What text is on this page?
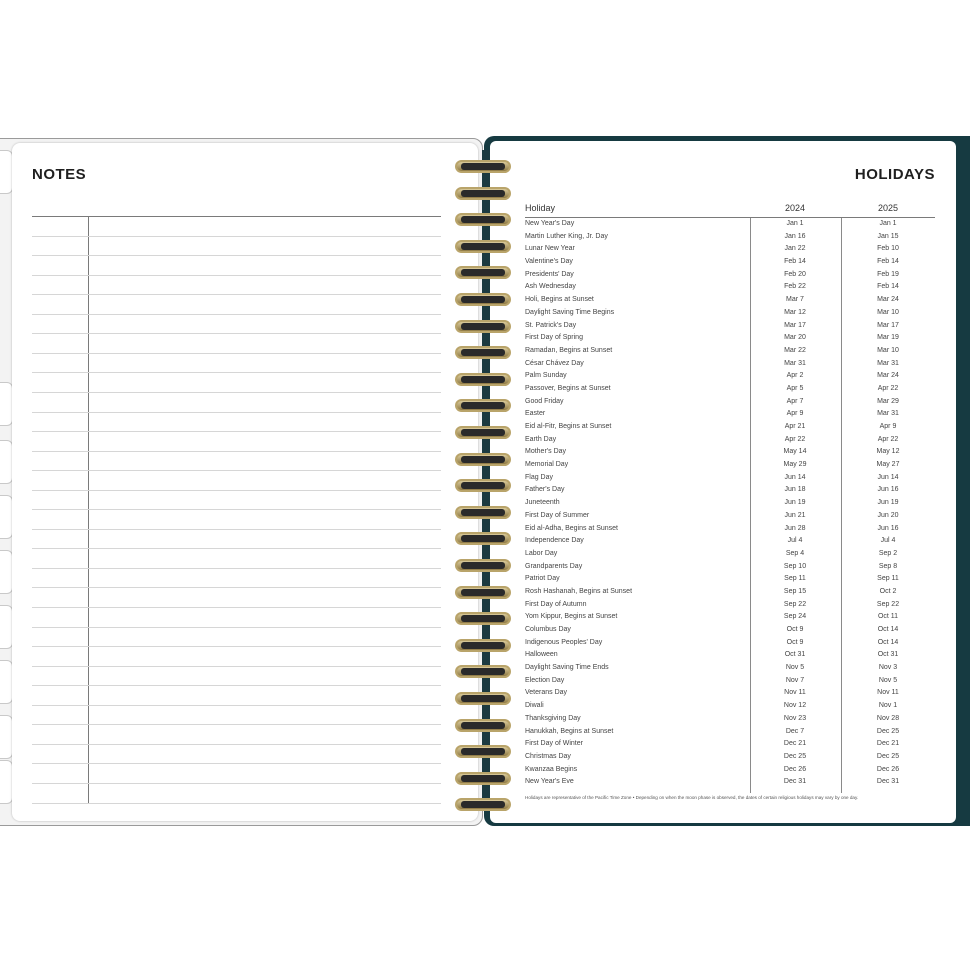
NOTES	HOLIDAYS
Holiday	2024	2025
New Year's Day	Jan 1	Jan 1
Martin Luther King, Jr. Day	Jan 16	Jan 15
Lunar New Year	Jan 22	Feb 10
Valentine's Day	Feb 14	Feb 14
Presidents' Day	Feb 20	Feb 19
Ash Wednesday	Feb 22	Feb 14
Holi, Begins at Sunset	Mar 7	Mar 24
Daylight Saving Time Begins	Mar 12	Mar 10
St. Patrick's Day	Mar 17	Mar 17
First Day of Spring	Mar 20	Mar 19
Ramadan, Begins at Sunset	Mar 22	Mar 10
César Chávez Day	Mar 31	Mar 31
Palm Sunday	Apr 2	Mar 24
Passover, Begins at Sunset	Apr 5	Apr 22
Good Friday	Apr 7	Mar 29
Easter	Apr 9	Mar 31
Eid al-Fitr, Begins at Sunset	Apr 21	Apr 9
Earth Day	Apr 22	Apr 22
Mother's Day	May 14	May 12
Memorial Day	May 29	May 27
Flag Day	Jun 14	Jun 14
Father's Day	Jun 18	Jun 16
Juneteenth	Jun 19	Jun 19
First Day of Summer	Jun 21	Jun 20
Eid al-Adha, Begins at Sunset	Jun 28	Jun 16
Independence Day	Jul 4	Jul 4
Labor Day	Sep 4	Sep 2
Grandparents Day	Sep 10	Sep 8
Patriot Day	Sep 11	Sep 11
Rosh Hashanah, Begins at Sunset	Sep 15	Oct 2
First Day of Autumn	Sep 22	Sep 22
Yom Kippur, Begins at Sunset	Sep 24	Oct 11
Columbus Day	Oct 9	Oct 14
Indigenous Peoples' Day	Oct 9	Oct 14
Halloween	Oct 31	Oct 31
Daylight Saving Time Ends	Nov 5	Nov 3
Election Day	Nov 7	Nov 5
Veterans Day	Nov 11	Nov 11
Diwali	Nov 12	Nov 1
Thanksgiving Day	Nov 23	Nov 28
Hanukkah, Begins at Sunset	Dec 7	Dec 25
First Day of Winter	Dec 21	Dec 21
Christmas Day	Dec 25	Dec 25
Kwanzaa Begins	Dec 26	Dec 26
New Year's Eve	Dec 31	Dec 31
Holidays are representative of the Pacific Time Zone • Depending on when the moon phase is observed, the dates of certain religious holidays may vary by one day.
